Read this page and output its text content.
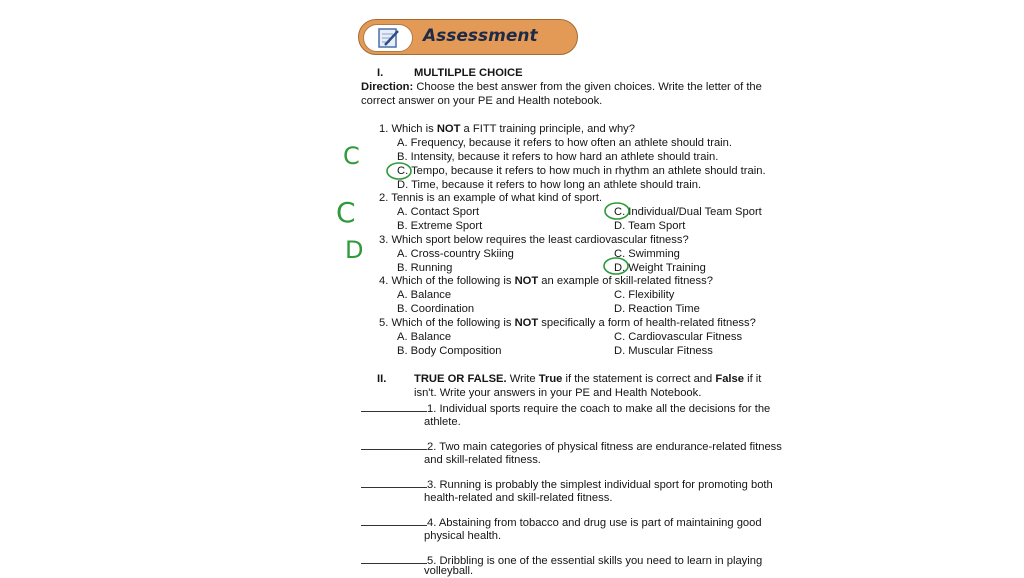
Assessment
I.	MULTILPLE CHOICE
Direction: Choose the best answer from the given choices. Write the letter of the
correct answer on your PE and Health notebook.
1. Which is NOT a FITT training principle, and why?
A. Frequency, because it refers to how often an athlete should train.
B. Intensity, because it refers to how hard an athlete should train.
C. Tempo, because it refers to how much in rhythm an athlete should train.
D. Time, because it refers to how long an athlete should train.
2. Tennis is an example of what kind of sport.
A. Contact Sport	C. Individual/Dual Team Sport
B. Extreme Sport	D. Team Sport
3. Which sport below requires the least cardiovascular fitness?
A. Cross-country Skiing	C. Swimming
B. Running	D. Weight Training
4. Which of the following is NOT an example of skill-related fitness?
A. Balance	C. Flexibility
B. Coordination	D. Reaction Time
5. Which of the following is NOT specifically a form of health-related fitness?
A. Balance	C. Cardiovascular Fitness
B. Body Composition	D. Muscular Fitness
C
C
D
II. TRUE OR FALSE. Write True if the statement is correct and False if it
isn't. Write your answers in your PE and Health Notebook.
1. Individual sports require the coach to make all the decisions for the
athlete.
2. Two main categories of physical fitness are endurance-related fitness
and skill-related fitness.
3. Running is probably the simplest individual sport for promoting both
health-related and skill-related fitness.
4. Abstaining from tobacco and drug use is part of maintaining good
physical health.
5. Dribbling is one of the essential skills you need to learn in playing
volleyball.
